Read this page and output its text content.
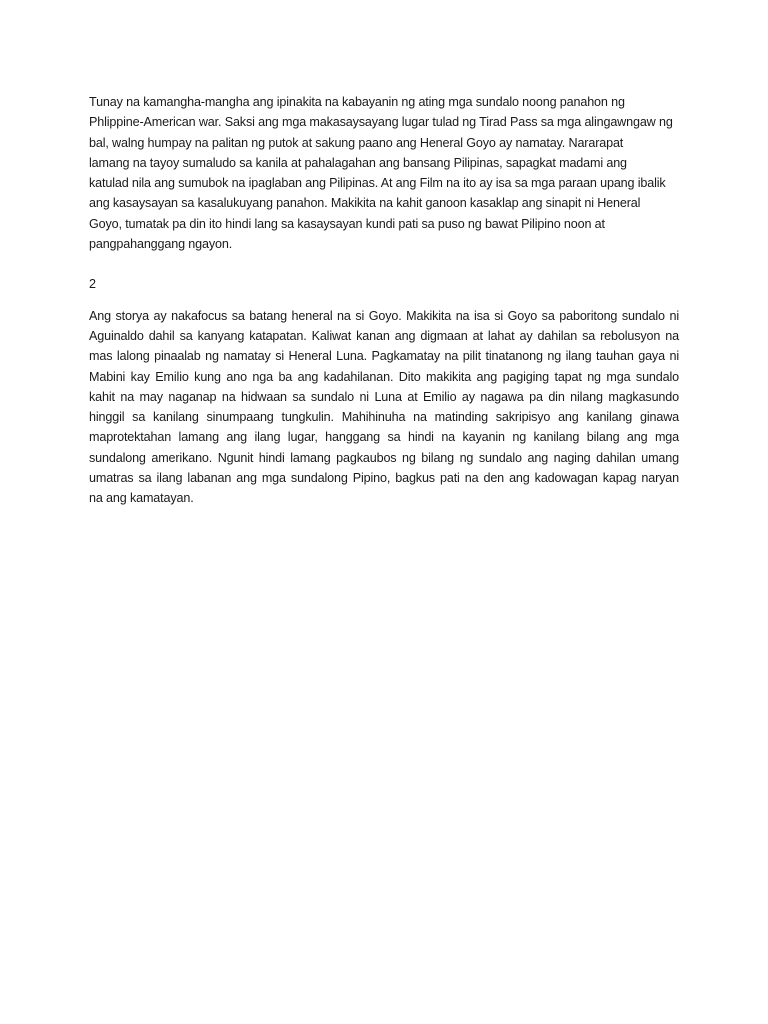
Tunay na kamangha-mangha ang ipinakita na kabayanin ng ating mga sundalo noong panahon ng
Phlippine-American war. Saksi ang mga makasaysayang lugar tulad ng Tirad Pass sa mga alingawngaw ng
bal, walng humpay na palitan ng putok at sakung paano ang Heneral Goyo ay namatay. Nararapat
lamang na tayoy sumaludo sa kanila at pahalagahan ang bansang Pilipinas, sapagkat madami ang
katulad nila ang sumubok na ipaglaban ang Pilipinas. At ang Film na ito ay isa sa mga paraan upang ibalik
ang kasaysayan sa kasalukuyang panahon. Makikita na kahit ganoon kasaklap ang sinapit ni Heneral
Goyo, tumatak pa din ito hindi lang sa kasaysayan kundi pati sa puso ng bawat Pilipino noon at
pangpahanggang ngayon.
2
Ang storya ay nakafocus sa batang heneral na si Goyo. Makikita na isa si Goyo sa paboritong sundalo ni
Aguinaldo dahil sa kanyang katapatan. Kaliwat kanan ang digmaan at lahat ay dahilan sa rebolusyon na
mas lalong pinaalab ng namatay si Heneral Luna. Pagkamatay na pilit tinatanong ng ilang tauhan gaya ni
Mabini kay Emilio kung ano nga ba ang kadahilanan. Dito makikita ang pagiging tapat ng mga sundalo
kahit na may naganap na hidwaan sa sundalo ni Luna at Emilio ay nagawa pa din nilang magkasundo
hinggil sa kanilang sinumpaang tungkulin. Mahihinuha na matinding sakripisyo ang kanilang ginawa
maprotektahan lamang ang ilang lugar, hanggang sa hindi na kayanin ng kanilang bilang ang mga
sundalong amerikano. Ngunit hindi lamang pagkaubos ng bilang ng sundalo ang naging dahilan umang
umatras sa ilang labanan ang mga sundalong Pipino, bagkus pati na den ang kadowagan kapag naryan
na ang kamatayan.
